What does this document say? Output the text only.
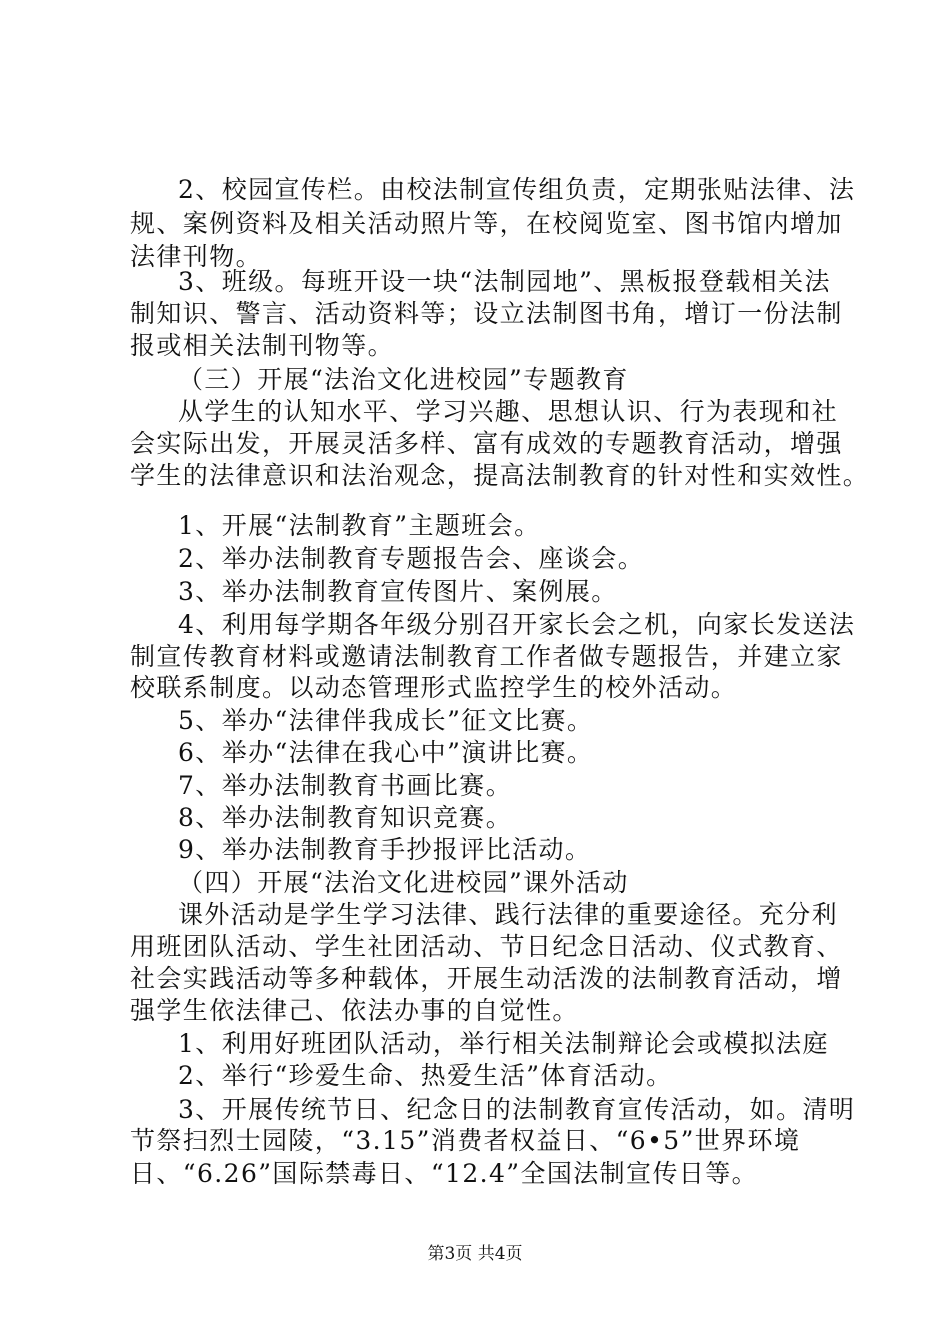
2、校园宣传栏。由校法制宣传组负责，定期张贴法律、法
规、案例资料及相关活动照片等，在校阅览室、图书馆内增加
法律刊物。
3、班级。每班开设一块“法制园地”、黑板报登载相关法
制知识、警言、活动资料等；设立法制图书角，增订一份法制
报或相关法制刊物等。
（三）开展“法治文化进校园”专题教育
从学生的认知水平、学习兴趣、思想认识、行为表现和社
会实际出发，开展灵活多样、富有成效的专题教育活动，增强
学生的法律意识和法治观念，提高法制教育的针对性和实效性。
1、开展“法制教育”主题班会。
2、举办法制教育专题报告会、座谈会。
3、举办法制教育宣传图片、案例展。
4、利用每学期各年级分别召开家长会之机，向家长发送法
制宣传教育材料或邀请法制教育工作者做专题报告，并建立家
校联系制度。以动态管理形式监控学生的校外活动。
5、举办“法律伴我成长”征文比赛。
6、举办“法律在我心中”演讲比赛。
7、举办法制教育书画比赛。
8、举办法制教育知识竞赛。
9、举办法制教育手抄报评比活动。
（四）开展“法治文化进校园”课外活动
课外活动是学生学习法律、践行法律的重要途径。充分利
用班团队活动、学生社团活动、节日纪念日活动、仪式教育、
社会实践活动等多种载体，开展生动活泼的法制教育活动，增
强学生依法律己、依法办事的自觉性。
1、利用好班团队活动，举行相关法制辩论会或模拟法庭
2、举行“珍爱生命、热爱生活”体育活动。
3、开展传统节日、纪念日的法制教育宣传活动，如。清明
节祭扫烈士园陵，“3.15”消费者权益日、“6•5”世界环境
日、“6.26”国际禁毒日、“12.4”全国法制宣传日等。
第3页 共4页
